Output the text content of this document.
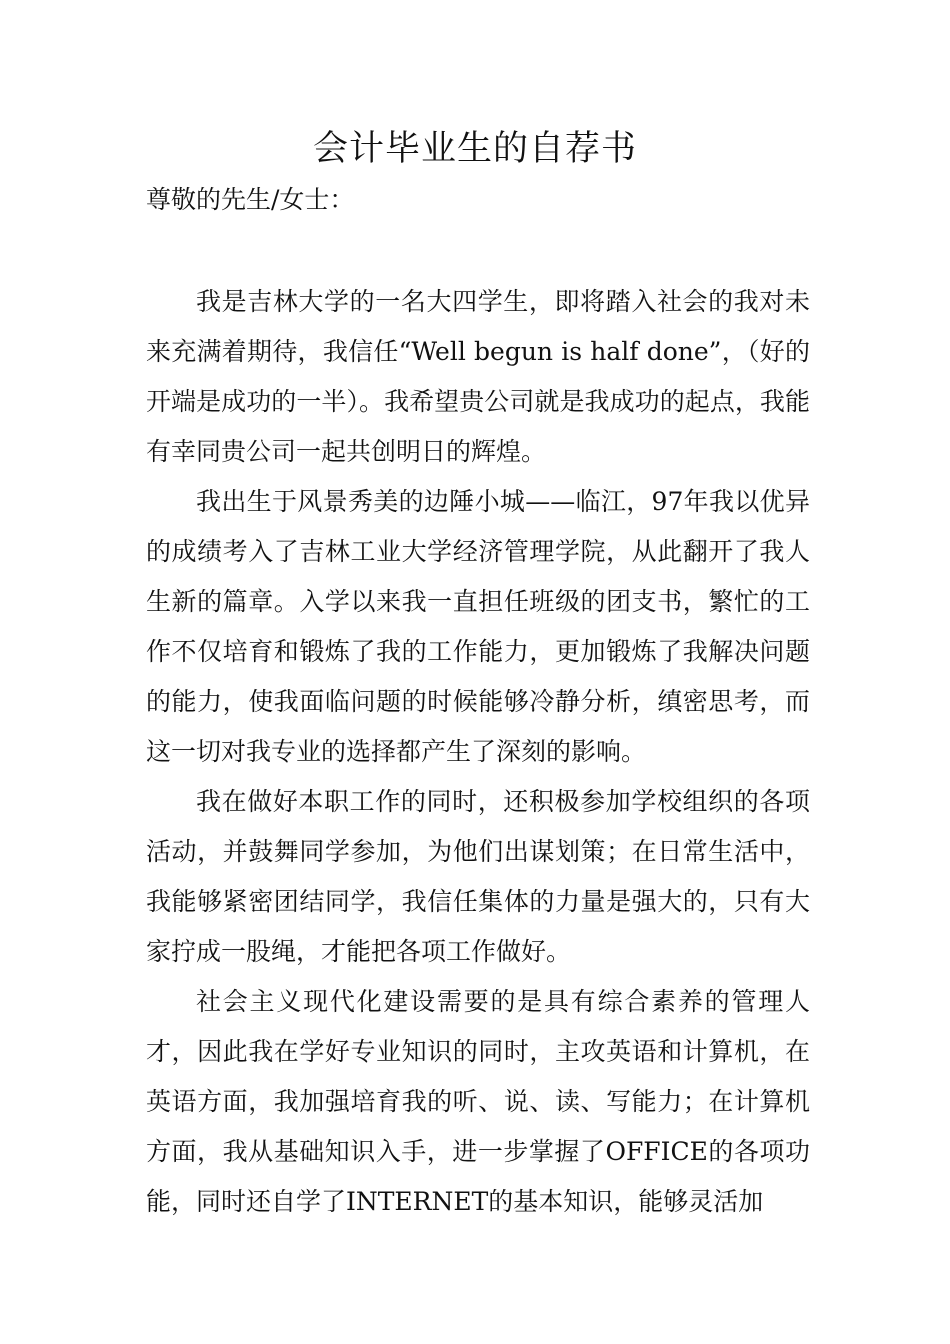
会计毕业生的自荐书
尊敬的先生/女士：

我是吉林大学的一名大四学生，即将踏入社会的我对未来充满着期待，我信任“Well begun is half done”，（好的开端是成功的一半）。我希望贵公司就是我成功的起点，我能有幸同贵公司一起共创明日的辉煌。

我出生于风景秀美的边陲小城——临江，97年我以优异的成绩考入了吉林工业大学经济管理学院，从此翻开了我人生新的篇章。入学以来我一直担任班级的团支书，繁忙的工作不仅培育和锻炼了我的工作能力，更加锻炼了我解决问题的能力，使我面临问题的时候能够冷静分析，缜密思考，而这一切对我专业的选择都产生了深刻的影响。

我在做好本职工作的同时，还积极参加学校组织的各项活动，并鼓舞同学参加，为他们出谋划策；在日常生活中，我能够紧密团结同学，我信任集体的力量是强大的，只有大家拧成一股绳，才能把各项工作做好。

社会主义现代化建设需要的是具有综合素养的管理人才，因此我在学好专业知识的同时，主攻英语和计算机，在英语方面，我加强培育我的听、说、读、写能力；在计算机方面，我从基础知识入手，进一步掌握了OFFICE的各项功能，同时还自学了INTERNET的基本知识，能够灵活加
